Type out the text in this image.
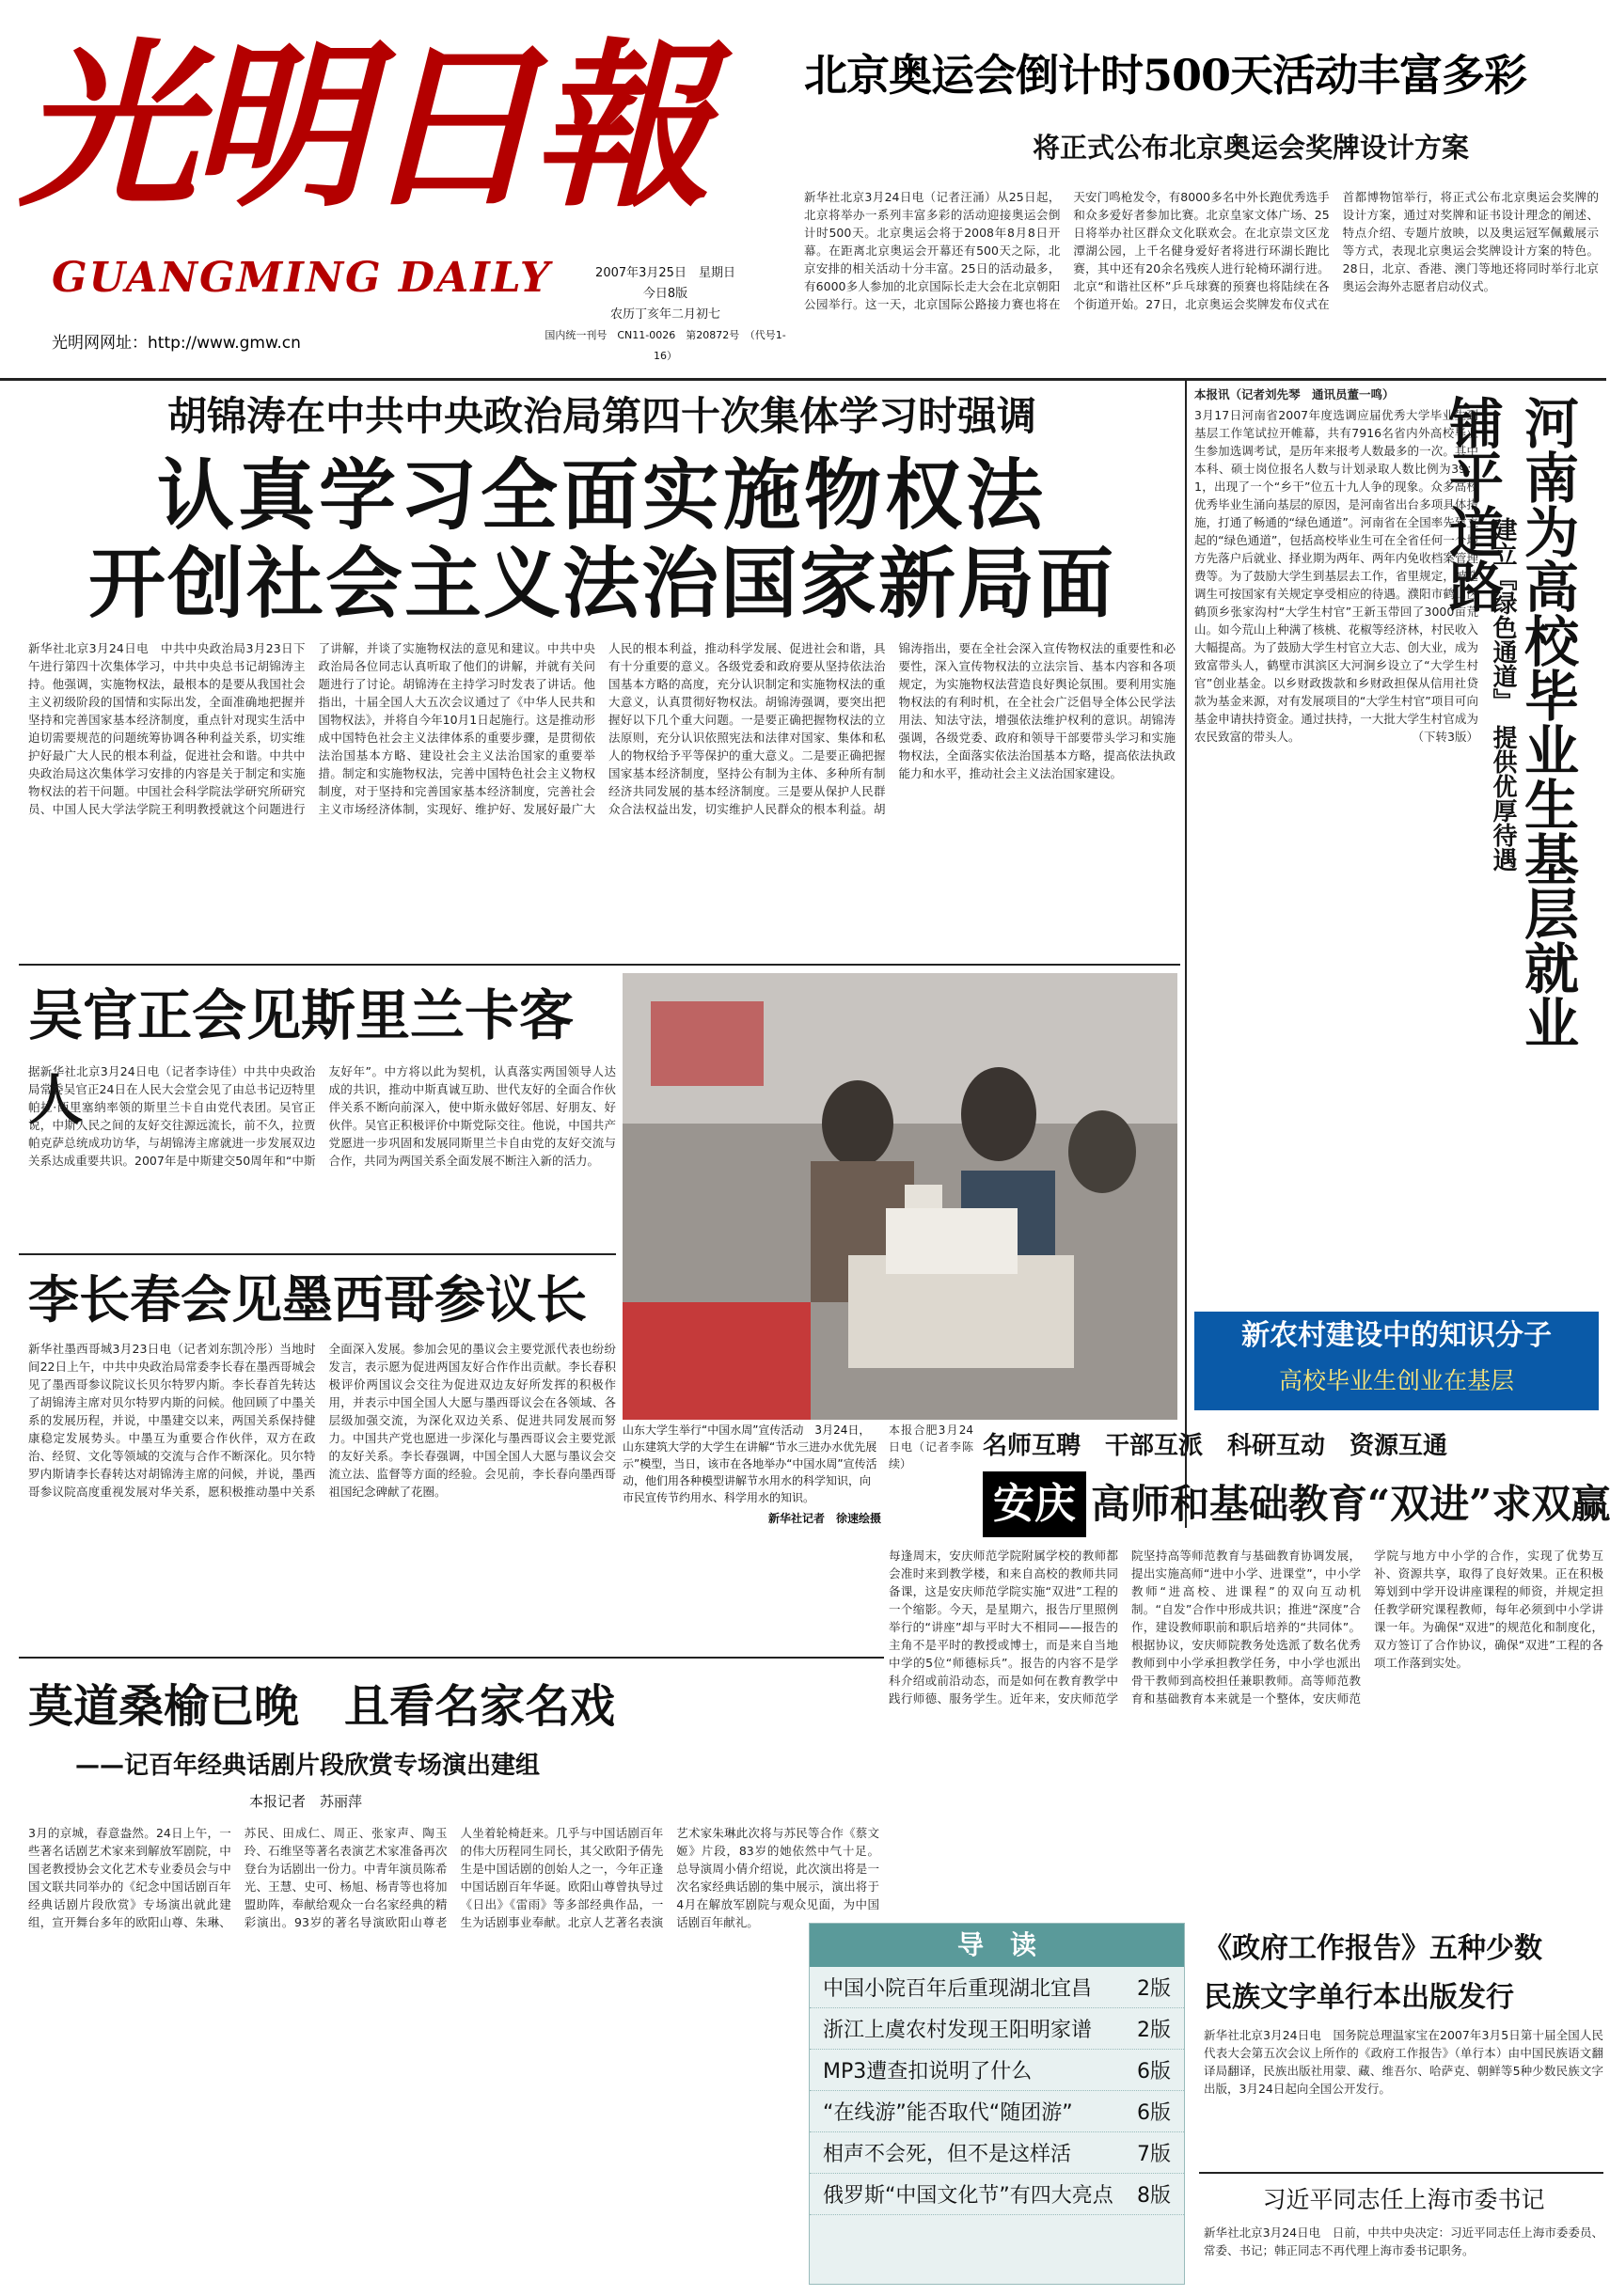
光明日報
GUANGMING DAILY
光明网网址：http://www.gmw.cn
2007年3月25日　星期日
今日8版
农历丁亥年二月初七
国内统一刊号　CN11-0026　第20872号　（代号1-16）
北京奥运会倒计时500天活动丰富多彩
将正式公布北京奥运会奖牌设计方案
新华社北京3月24日电（记者汪涌）从25日起，北京将举办一系列丰富多彩的活动迎接奥运会倒计时500天。北京奥运会将于2008年8月8日开幕。在距离北京奥运会开幕还有500天之际，北京安排的相关活动十分丰富。25日的活动最多，有6000多人参加的北京国际长走大会在北京朝阳公园举行。这一天，北京国际公路接力赛也将在天安门鸣枪发令，有8000多名中外长跑优秀选手和众多爱好者参加比赛。北京皇家文体广场、25日将举办社区群众文化联欢会。在北京崇文区龙潭湖公园，上千名健身爱好者将进行环湖长跑比赛，其中还有20余名残疾人进行轮椅环湖行进。北京“和谐社区杯”乒乓球赛的预赛也将陆续在各个街道开始。27日，北京奥运会奖牌发布仪式在首都博物馆举行，将正式公布北京奥运会奖牌的设计方案，通过对奖牌和证书设计理念的阐述、特点介绍、专题片放映，以及奥运冠军佩戴展示等方式，表现北京奥运会奖牌设计方案的特色。28日，北京、香港、澳门等地还将同时举行北京奥运会海外志愿者启动仪式。
胡锦涛在中共中央政治局第四十次集体学习时强调
认真学习全面实施物权法
开创社会主义法治国家新局面
新华社北京3月24日电　中共中央政治局3月23日下午进行第四十次集体学习，中共中央总书记胡锦涛主持。他强调，实施物权法，最根本的是要从我国社会主义初级阶段的国情和实际出发，全面准确地把握并坚持和完善国家基本经济制度，重点针对现实生活中迫切需要规范的问题统筹协调各种利益关系，切实维护好最广大人民的根本利益，促进社会和谐。中共中央政治局这次集体学习安排的内容是关于制定和实施物权法的若干问题。中国社会科学院法学研究所研究员、中国人民大学法学院王利明教授就这个问题进行了讲解，并谈了实施物权法的意见和建议。中共中央政治局各位同志认真听取了他们的讲解，并就有关问题进行了讨论。胡锦涛在主持学习时发表了讲话。他指出，十届全国人大五次会议通过了《中华人民共和国物权法》，并将自今年10月1日起施行。这是推动形成中国特色社会主义法律体系的重要步骤，是贯彻依法治国基本方略、建设社会主义法治国家的重要举措。制定和实施物权法，完善中国特色社会主义物权制度，对于坚持和完善国家基本经济制度，完善社会主义市场经济体制，实现好、维护好、发展好最广大人民的根本利益，推动科学发展、促进社会和谐，具有十分重要的意义。各级党委和政府要从坚持依法治国基本方略的高度，充分认识制定和实施物权法的重大意义，认真贯彻好物权法。胡锦涛强调，要突出把握好以下几个重大问题。一是要正确把握物权法的立法原则，充分认识依照宪法和法律对国家、集体和私人的物权给予平等保护的重大意义。二是要正确把握国家基本经济制度，坚持公有制为主体、多种所有制经济共同发展的基本经济制度。三是要从保护人民群众合法权益出发，切实维护人民群众的根本利益。胡锦涛指出，要在全社会深入宣传物权法的重要性和必要性，深入宣传物权法的立法宗旨、基本内容和各项规定，为实施物权法营造良好舆论氛围。要利用实施物权法的有利时机，在全社会广泛倡导全体公民学法用法、知法守法，增强依法维护权利的意识。胡锦涛强调，各级党委、政府和领导干部要带头学习和实施物权法，全面落实依法治国基本方略，提高依法执政能力和水平，推动社会主义法治国家建设。
吴官正会见斯里兰卡客人
据新华社北京3月24日电（记者李诗佳）中共中央政治局常委吴官正24日在人民大会堂会见了由总书记迈特里帕拉·西里塞纳率领的斯里兰卡自由党代表团。吴官正说，中斯人民之间的友好交往源远流长，前不久，拉贾帕克萨总统成功访华，与胡锦涛主席就进一步发展双边关系达成重要共识。2007年是中斯建交50周年和“中斯友好年”。中方将以此为契机，认真落实两国领导人达成的共识，推动中斯真诚互助、世代友好的全面合作伙伴关系不断向前深入，使中斯永做好邻居、好朋友、好伙伴。吴官正积极评价中斯党际交往。他说，中国共产党愿进一步巩固和发展同斯里兰卡自由党的友好交流与合作，共同为两国关系全面发展不断注入新的活力。
李长春会见墨西哥参议长
新华社墨西哥城3月23日电（记者刘东凯冷彤）当地时间22日上午，中共中央政治局常委李长春在墨西哥城会见了墨西哥参议院议长贝尔特罗内斯。李长春首先转达了胡锦涛主席对贝尔特罗内斯的问候。他回顾了中墨关系的发展历程，并说，中墨建交以来，两国关系保持健康稳定发展势头。中墨互为重要合作伙伴，双方在政治、经贸、文化等领域的交流与合作不断深化。贝尔特罗内斯请李长春转达对胡锦涛主席的问候，并说，墨西哥参议院高度重视发展对华关系，愿积极推动墨中关系全面深入发展。参加会见的墨议会主要党派代表也纷纷发言，表示愿为促进两国友好合作作出贡献。李长春积极评价两国议会交往为促进双边友好所发挥的积极作用，并表示中国全国人大愿与墨西哥议会在各领域、各层级加强交流，为深化双边关系、促进共同发展而努力。中国共产党也愿进一步深化与墨西哥议会主要党派的友好关系。李长春强调，中国全国人大愿与墨议会交流立法、监督等方面的经验。会见前，李长春向墨西哥祖国纪念碑献了花圈。
山东大学生举行“中国水周”宣传活动　3月24日，山东建筑大学的大学生在讲解“节水三进办水优先展示”模型，当日，该市在各地举办“中国水周”宣传活动，他们用各种模型讲解节水用水的科学知识，向市民宣传节约用水、科学用水的知识。
新华社记者　徐速绘摄
本报合肥3月24日电（记者李陈续）
名师互聘　干部互派　科研互动　资源互通
安庆 高师和基础教育“双进”求双赢
每逢周末，安庆师范学院附属学校的教师都会准时来到教学楼，和来自高校的教师共同备课，这是安庆师范学院实施“双进”工程的一个缩影。今天，是星期六，报告厅里照例举行的“讲座”却与平时大不相同——报告的主角不是平时的教授或博士，而是来自当地中学的5位“师德标兵”。报告的内容不是学科介绍或前沿动态，而是如何在教育教学中践行师德、服务学生。近年来，安庆师范学院坚持高等师范教育与基础教育协调发展，提出实施高师“进中小学、进课堂”，中小学教师“进高校、进课程”的双向互动机制。“自发”合作中形成共识；推进“深度”合作，建设教师职前和职后培养的“共同体”。根据协议，安庆师院教务处选派了数名优秀教师到中小学承担教学任务，中小学也派出骨干教师到高校担任兼职教师。高等师范教育和基础教育本来就是一个整体，安庆师范学院与地方中小学的合作，实现了优势互补、资源共享，取得了良好效果。正在积极筹划到中学开设讲座课程的师资，并规定担任教学研究课程教师，每年必须到中小学讲课一年。为确保“双进”的规范化和制度化，双方签订了合作协议，确保“双进”工程的各项工作落到实处。
本报讯（记者刘先琴　通讯员董一鸣）
3月17日河南省2007年度选调应届优秀大学毕业生到基层工作笔试拉开帷幕，共有7916名省内外高校毕业生参加选调考试，是历年来报考人数最多的一次。其中本科、硕士岗位报名人数与计划录取人数比例为39：1，出现了一个“乡干”位五十九人争的现象。众多高校优秀毕业生涌向基层的原因，是河南省出台多项具体措施，打通了畅通的“绿色通道”。河南省在全国率先建立起的“绿色通道”，包括高校毕业生可在全省任何一个地方先落户后就业、择业期为两年、两年内免收档案管理费等。为了鼓励大学生到基层去工作，省里规定，被选调生可按国家有关规定享受相应的待遇。濮阳市鹤山区鹤顶乡张家沟村“大学生村官”王新玉带回了3000亩荒山。如今荒山上种满了核桃、花椒等经济林，村民收入大幅提高。为了鼓励大学生村官立大志、创大业，成为致富带头人，鹤壁市淇滨区大河涧乡设立了“大学生村官”创业基金。以乡财政拨款和乡财政担保从信用社贷款为基金来源，对有发展项目的“大学生村官”项目可向基金申请扶持资金。通过扶持，一大批大学生村官成为农民致富的带头人。	（下转3版） 河南为高校毕业生基层就业铺平道路
建立『绿色通道』　提供优厚待遇
新农村建设中的知识分子
高校毕业生创业在基层
莫道桑榆已晚　且看名家名戏
——记百年经典话剧片段欣赏专场演出建组
本报记者　苏丽萍
3月的京城，春意盎然。24日上午，一些著名话剧艺术家来到解放军剧院，中国老教授协会文化艺术专业委员会与中国文联共同举办的《纪念中国话剧百年经典话剧片段欣赏》专场演出就此建组，宣开舞台多年的欧阳山尊、朱琳、苏民、田成仁、周正、张家声、陶玉玲、石维坚等著名表演艺术家准备再次登台为话剧出一份力。中青年演员陈希光、王慧、史可、杨旭、杨青等也将加盟助阵，奉献给观众一台名家经典的精彩演出。93岁的著名导演欧阳山尊老人坐着轮椅赶来。几乎与中国话剧百年的伟大历程同生同长，其父欧阳予倩先生是中国话剧的创始人之一，今年正逢中国话剧百年华诞。欧阳山尊曾执导过《日出》《雷雨》等多部经典作品，一生为话剧事业奉献。北京人艺著名表演艺术家朱琳此次将与苏民等合作《蔡文姬》片段，83岁的她依然中气十足。总导演周小倩介绍说，此次演出将是一次名家经典话剧的集中展示，演出将于4月在解放军剧院与观众见面，为中国话剧百年献礼。
导　读
中国小院百年后重现湖北宜昌 2版
浙江上虞农村发现王阳明家谱 2版
MP3遭查扣说明了什么	6版
“在线游”能否取代“随团游”	6版
相声不会死，但不是这样活	7版
俄罗斯“中国文化节”有四大亮点 8版
《政府工作报告》五种少数
民族文字单行本出版发行
新华社北京3月24日电　国务院总理温家宝在2007年3月5日第十届全国人民代表大会第五次会议上所作的《政府工作报告》（单行本）由中国民族语文翻译局翻译，民族出版社用蒙、藏、维吾尔、哈萨克、朝鲜等5种少数民族文字出版，3月24日起向全国公开发行。
习近平同志任上海市委书记
新华社北京3月24日电　日前，中共中央决定：习近平同志任上海市委委员、常委、书记；韩正同志不再代理上海市委书记职务。
